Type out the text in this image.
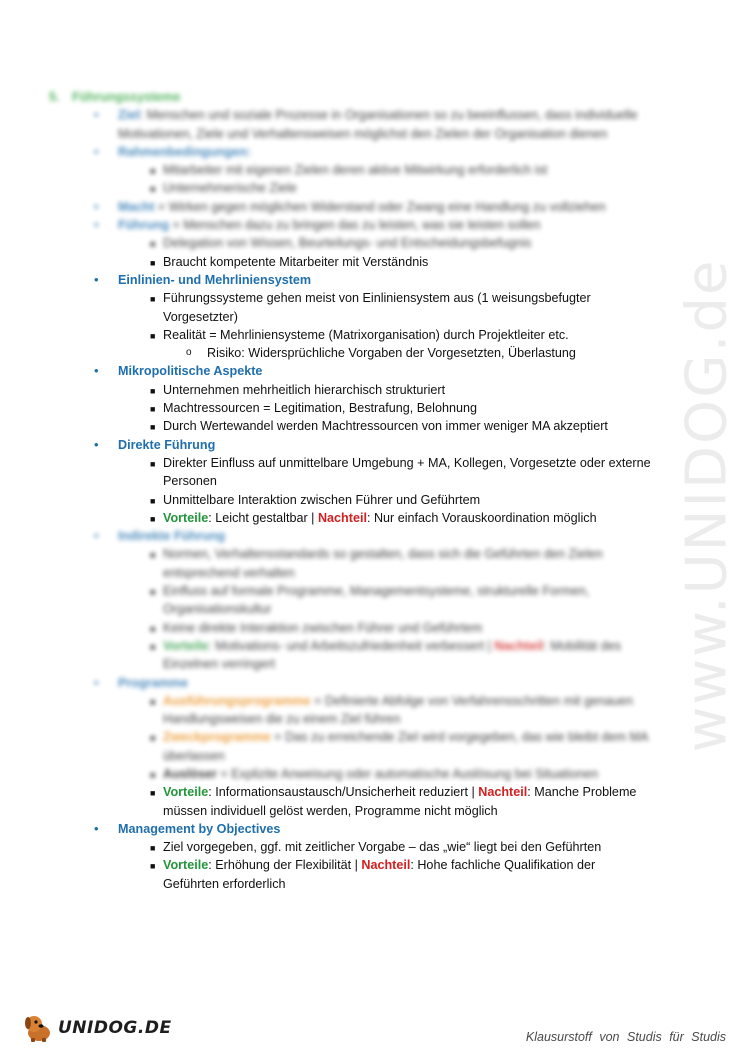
www.UNIDOG.de
5. Führungssysteme
• Ziel: Menschen und soziale Prozesse in Organisationen so zu beeinflussen, dass individuelle
Motivationen, Ziele und Verhaltensweisen möglichst den Zielen der Organisation dienen
• Rahmenbedingungen:
■ Mitarbeiter mit eigenen Zielen deren aktive Mitwirkung erforderlich ist
■ Unternehmerische Ziele
• Macht = Wirken gegen möglichen Widerstand oder Zwang eine Handlung zu vollziehen
• Führung = Menschen dazu zu bringen das zu leisten, was sie leisten sollen
■ Delegation von Wissen, Beurteilungs- und Entscheidungsbefugnis
■ Braucht kompetente Mitarbeiter mit Verständnis
• Einlinien- und Mehrliniensystem
■ Führungssysteme gehen meist von Einliniensystem aus (1 weisungsbefugter
Vorgesetzter)
■ Realität = Mehrliniensysteme (Matrixorganisation) durch Projektleiter etc.
o Risiko: Widersprüchliche Vorgaben der Vorgesetzten, Überlastung
• Mikropolitische Aspekte
■ Unternehmen mehrheitlich hierarchisch strukturiert
■ Machtressourcen = Legitimation, Bestrafung, Belohnung
■ Durch Wertewandel werden Machtressourcen von immer weniger MA akzeptiert
• Direkte Führung
■ Direkter Einfluss auf unmittelbare Umgebung + MA, Kollegen, Vorgesetzte oder externe
Personen
■ Unmittelbare Interaktion zwischen Führer und Geführtem
■ Vorteile: Leicht gestaltbar | Nachteil: Nur einfach Vorauskoordination möglich
• Indirekte Führung
■ Normen, Verhaltensstandards so gestalten, dass sich die Geführten den Zielen
entsprechend verhalten
■ Einfluss auf formale Programme, Managementsysteme, strukturelle Formen,
Organisationskultur
■ Keine direkte Interaktion zwischen Führer und Geführtem
■ Vorteile: Motivations- und Arbeitszufriedenheit verbessert | Nachteil: Mobilität des
Einzelnen verringert
• Programme
■ Ausführungsprogramme = Definierte Abfolge von Verfahrensschritten mit genauen
Handlungsweisen die zu einem Ziel führen
■ Zweckprogramme = Das zu erreichende Ziel wird vorgegeben, das wie bleibt dem MA
überlassen
■ Auslöser = Explizite Anweisung oder automatische Auslösung bei Situationen
■ Vorteile: Informationsaustausch/Unsicherheit reduziert | Nachteil: Manche Probleme
müssen individuell gelöst werden, Programme nicht möglich
• Management by Objectives
■ Ziel vorgegeben, ggf. mit zeitlicher Vorgabe – das „wie“ liegt bei den Geführten
■ Vorteile: Erhöhung der Flexibilität | Nachteil: Hohe fachliche Qualifikation der
Geführten erforderlich
UNIDOG.DE	Klausurstoff von Studis für Studis
